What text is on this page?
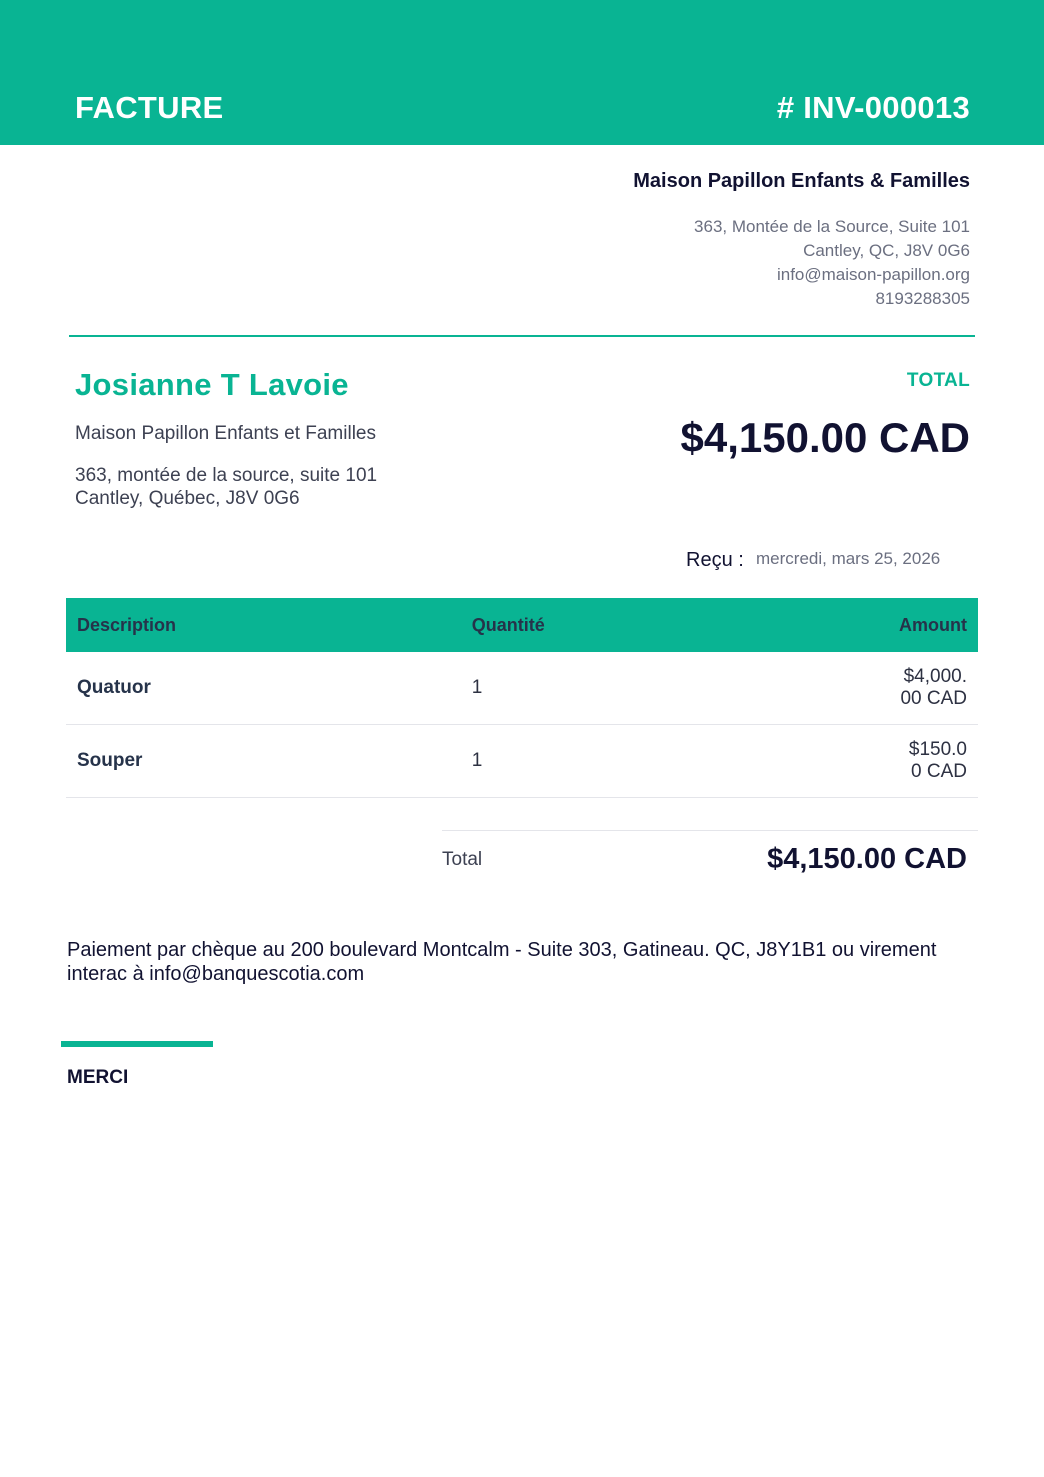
FACTURE	# INV-000013
Maison Papillon Enfants & Familles
363, Montée de la Source, Suite 101
Cantley, QC, J8V 0G6
info@maison-papillon.org
8193288305
Josianne T Lavoie
Maison Papillon Enfants et Familles
363, montée de la source, suite 101
Cantley, Québec, J8V 0G6
TOTAL
$4,150.00 CAD
Reçu : mercredi, mars 25, 2026
Description	Quantité	Amount
Quatuor	1	$4,000.00 CAD
Souper	1	$150.00 CAD
Total	$4,150.00 CAD
Paiement par chèque au 200 boulevard Montcalm - Suite 303, Gatineau. QC, J8Y1B1 ou virement interac à info@banquescotia.com
MERCI
